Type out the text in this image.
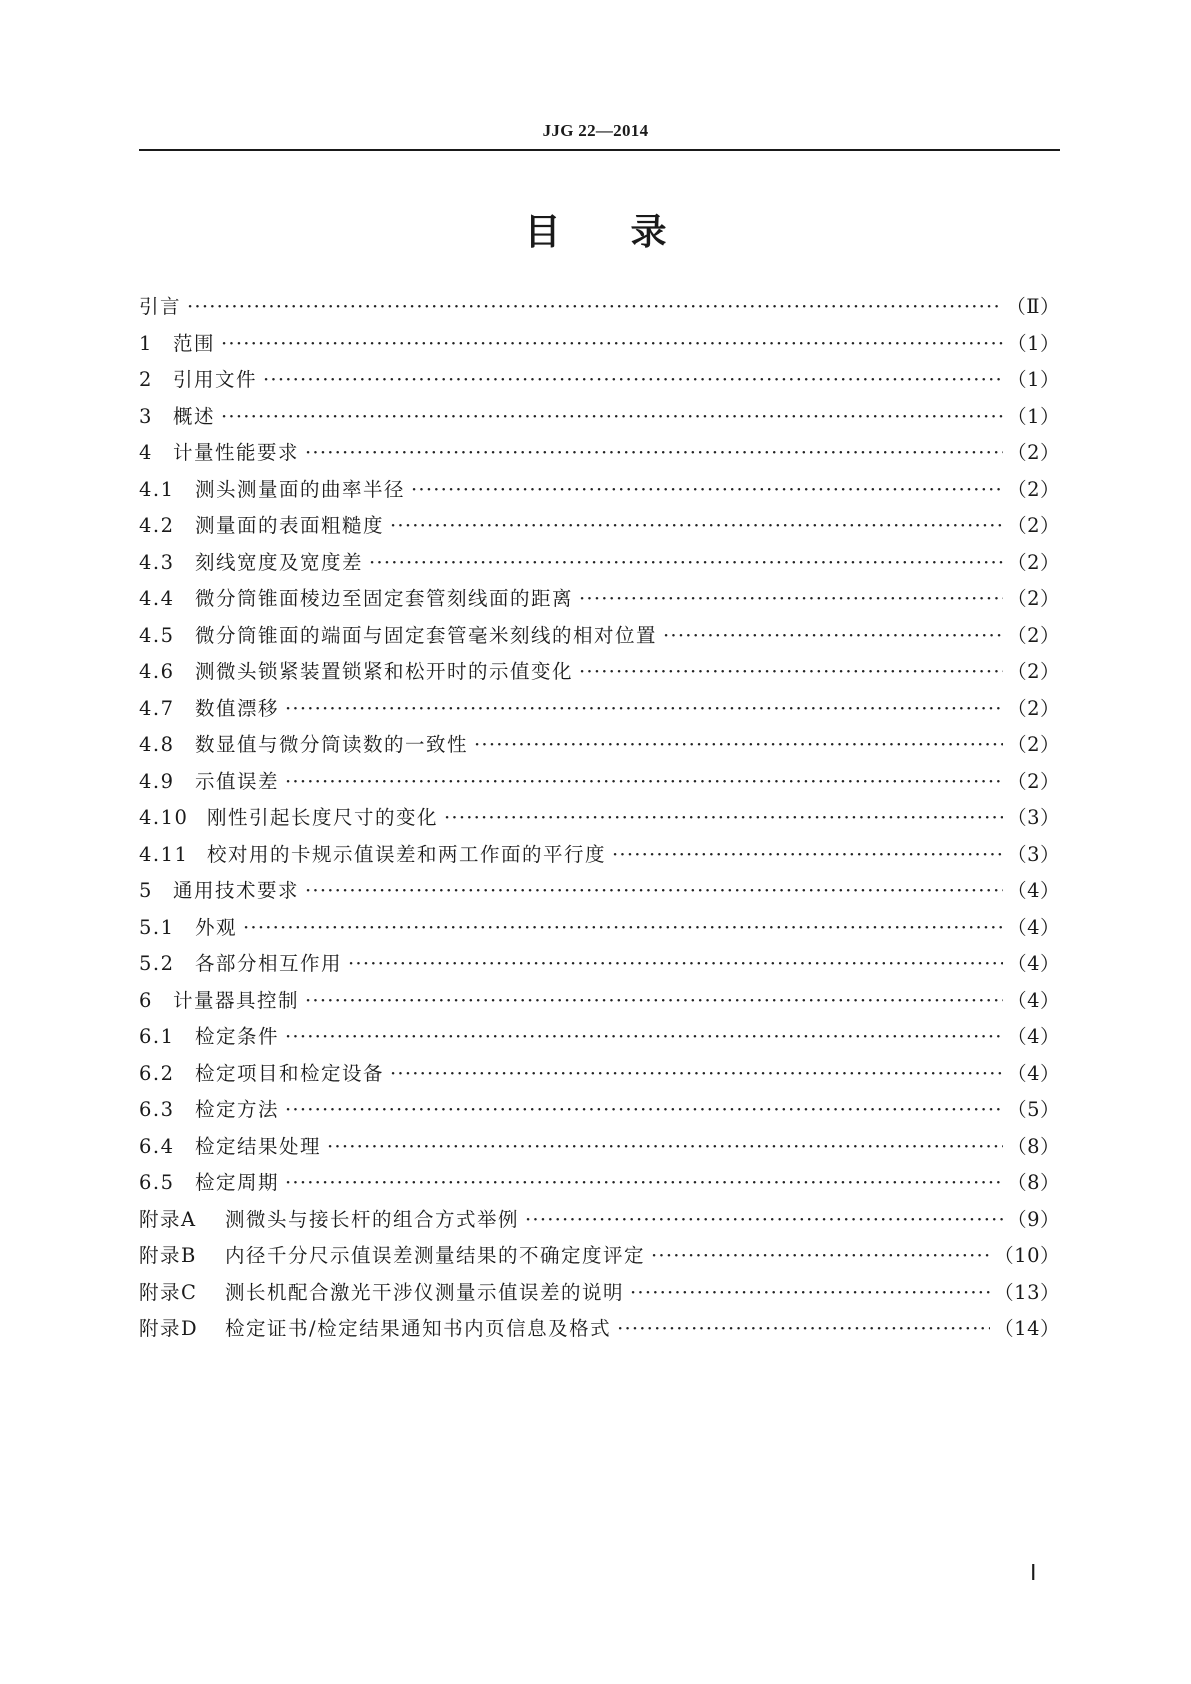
JJG 22—2014
目录
引言 ·····	（Ⅱ）
1	范围 ·····	（1）
2	引用文件 ·····	（1）
3	概述 ·····	（1）
4	计量性能要求 ·····	（2）
4.1	测头测量面的曲率半径 ·····	（2）
4.2	测量面的表面粗糙度 ·····	（2）
4.3	刻线宽度及宽度差 ·····	（2）
4.4	微分筒锥面棱边至固定套管刻线面的距离 ·····	（2）
4.5	微分筒锥面的端面与固定套管毫米刻线的相对位置 ·····	（2）
4.6	测微头锁紧装置锁紧和松开时的示值变化 ·····	（2）
4.7	数值漂移 ·····	（2）
4.8	数显值与微分筒读数的一致性 ·····	（2）
4.9	示值误差 ·····	（2）
4.10 刚性引起长度尺寸的变化 ·····	（3）
4.11 校对用的卡规示值误差和两工作面的平行度 ·····	（3）
5	通用技术要求 ·····	（4）
5.1	外观 ·····	（4）
5.2	各部分相互作用 ·····	（4）
6	计量器具控制 ·····	（4）
6.1	检定条件 ·····	（4）
6.2	检定项目和检定设备 ·····	（4）
6.3	检定方法 ·····	（5）
6.4	检定结果处理 ·····	（8）
6.5	检定周期 ·····	（8）
附录A	测微头与接长杆的组合方式举例 ·····	（9）
附录B	内径千分尺示值误差测量结果的不确定度评定 ·····	（10）
附录C	测长机配合激光干涉仪测量示值误差的说明 ·····	（13）
附录D	检定证书/检定结果通知书内页信息及格式 ·····	（14）
Ⅰ
